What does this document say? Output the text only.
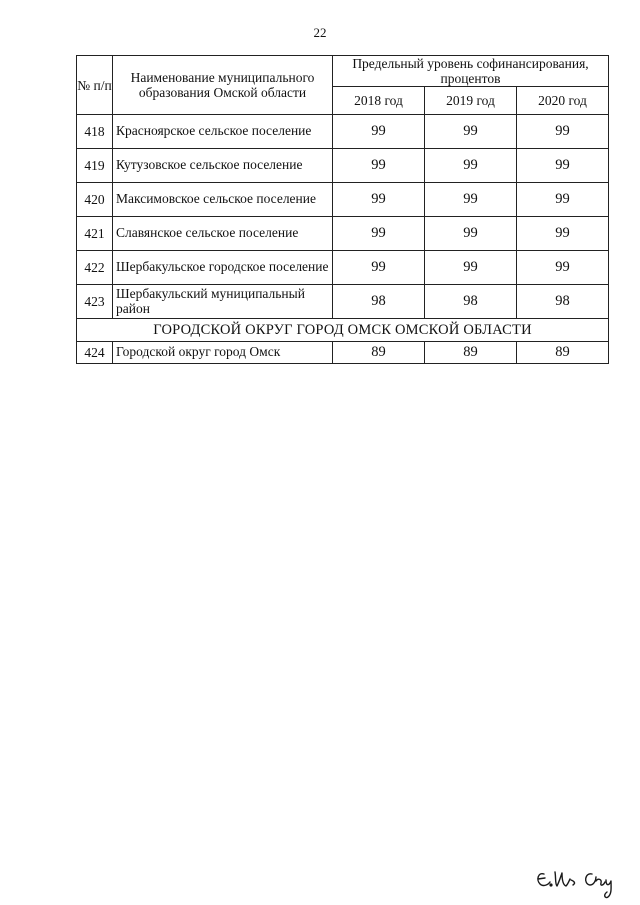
22
№ п/п	Наименование муниципального образования Омской области	Предельный уровень софинансирования, процентов		
		2018 год	2019 год	2020 год
418	Красноярское сельское поселение	99	99	99
419	Кутузовское сельское поселение	99	99	99
420	Максимовское сельское поселение	99	99	99
421	Славянское сельское поселение	99	99	99
422	Шербакульское городское поселение	99	99	99
423	Шербакульский муниципальный район	98	98	98
ГОРОДСКОЙ ОКРУГ ГОРОД ОМСК ОМСКОЙ ОБЛАСТИ				
424	Городской округ город Омск	89	89	89
